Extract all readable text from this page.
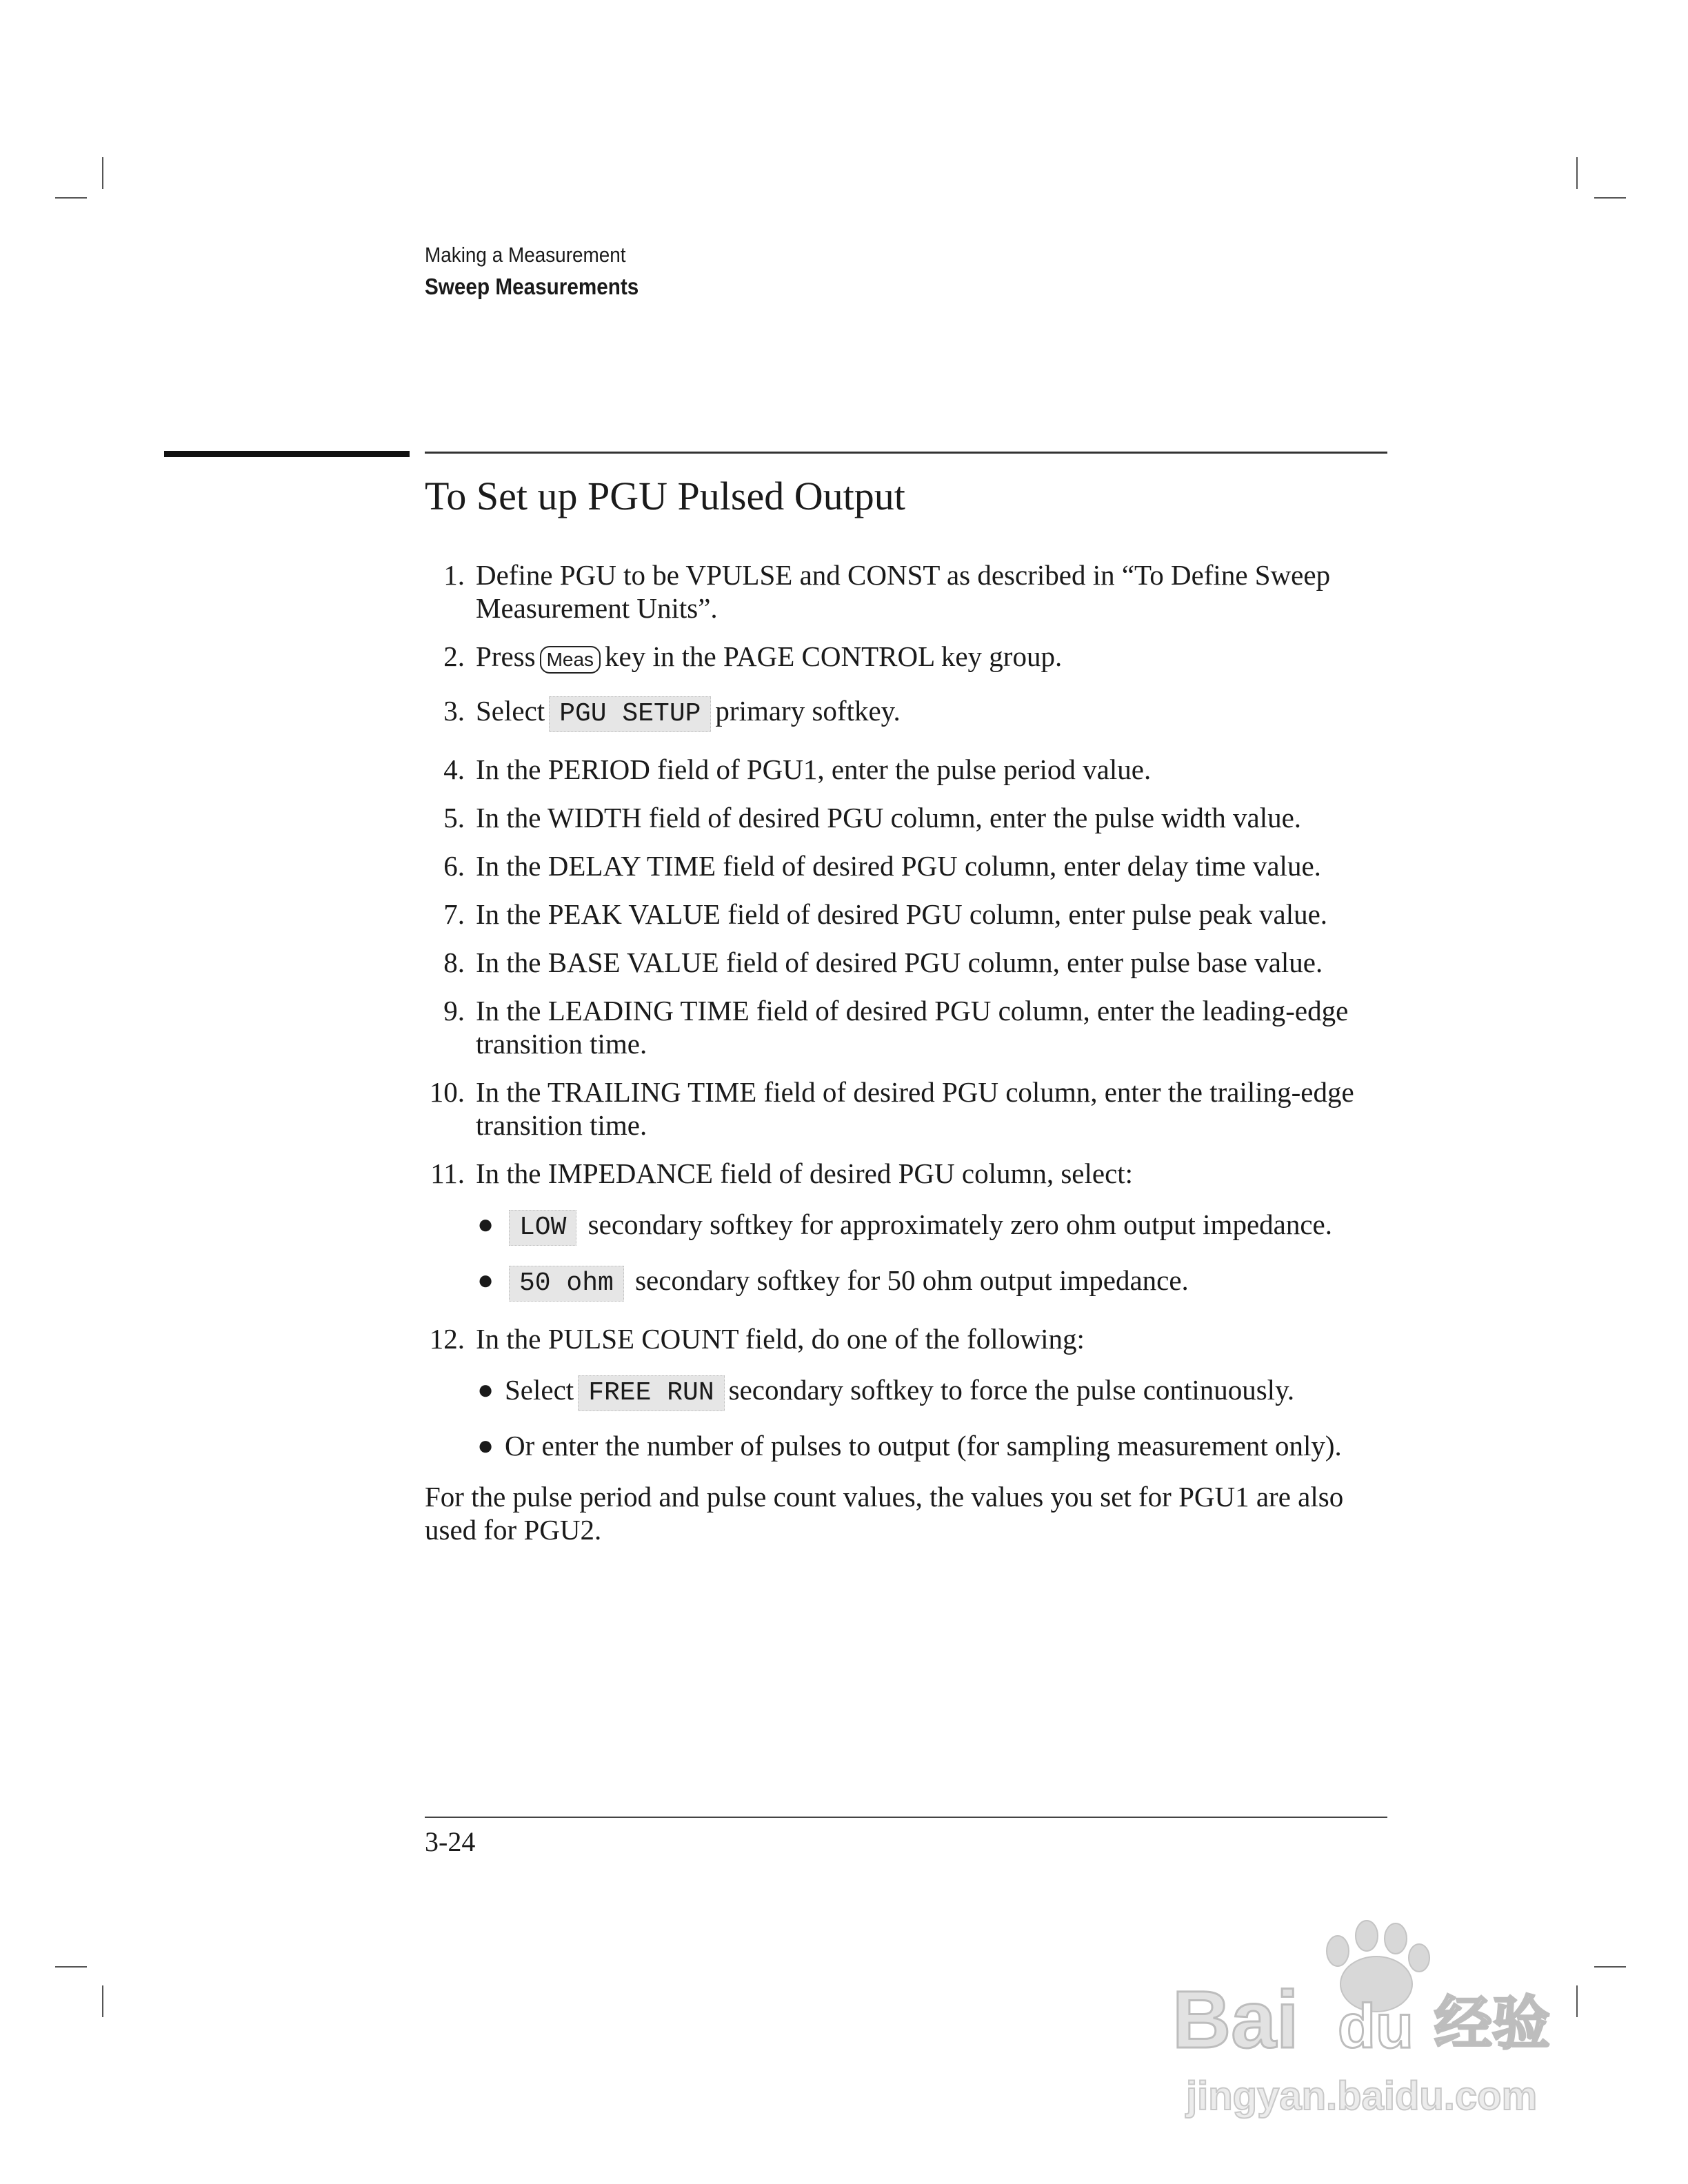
Making a Measurement
Sweep Measurements
To Set up PGU Pulsed Output
1. Define PGU to be VPULSE and CONST as described in “To Define Sweep Measurement Units”.
2. Press Meas key in the PAGE CONTROL key group.
3. Select PGU SETUP primary softkey.
4. In the PERIOD field of PGU1, enter the pulse period value.
5. In the WIDTH field of desired PGU column, enter the pulse width value.
6. In the DELAY TIME field of desired PGU column, enter delay time value.
7. In the PEAK VALUE field of desired PGU column, enter pulse peak value.
8. In the BASE VALUE field of desired PGU column, enter pulse base value.
9. In the LEADING TIME field of desired PGU column, enter the leading-edge transition time.
10. In the TRAILING TIME field of desired PGU column, enter the trailing-edge transition time.
11. In the IMPEDANCE field of desired PGU column, select:
● LOW secondary softkey for approximately zero ohm output impedance.
● 50 ohm secondary softkey for 50 ohm output impedance.
12. In the PULSE COUNT field, do one of the following:
● Select FREE RUN secondary softkey to force the pulse continuously.
● Or enter the number of pulses to output (for sampling measurement only).

For the pulse period and pulse count values, the values you set for PGU1 are also used for PGU2.

3-24
Bai du 经验
jingyan.baidu.com
